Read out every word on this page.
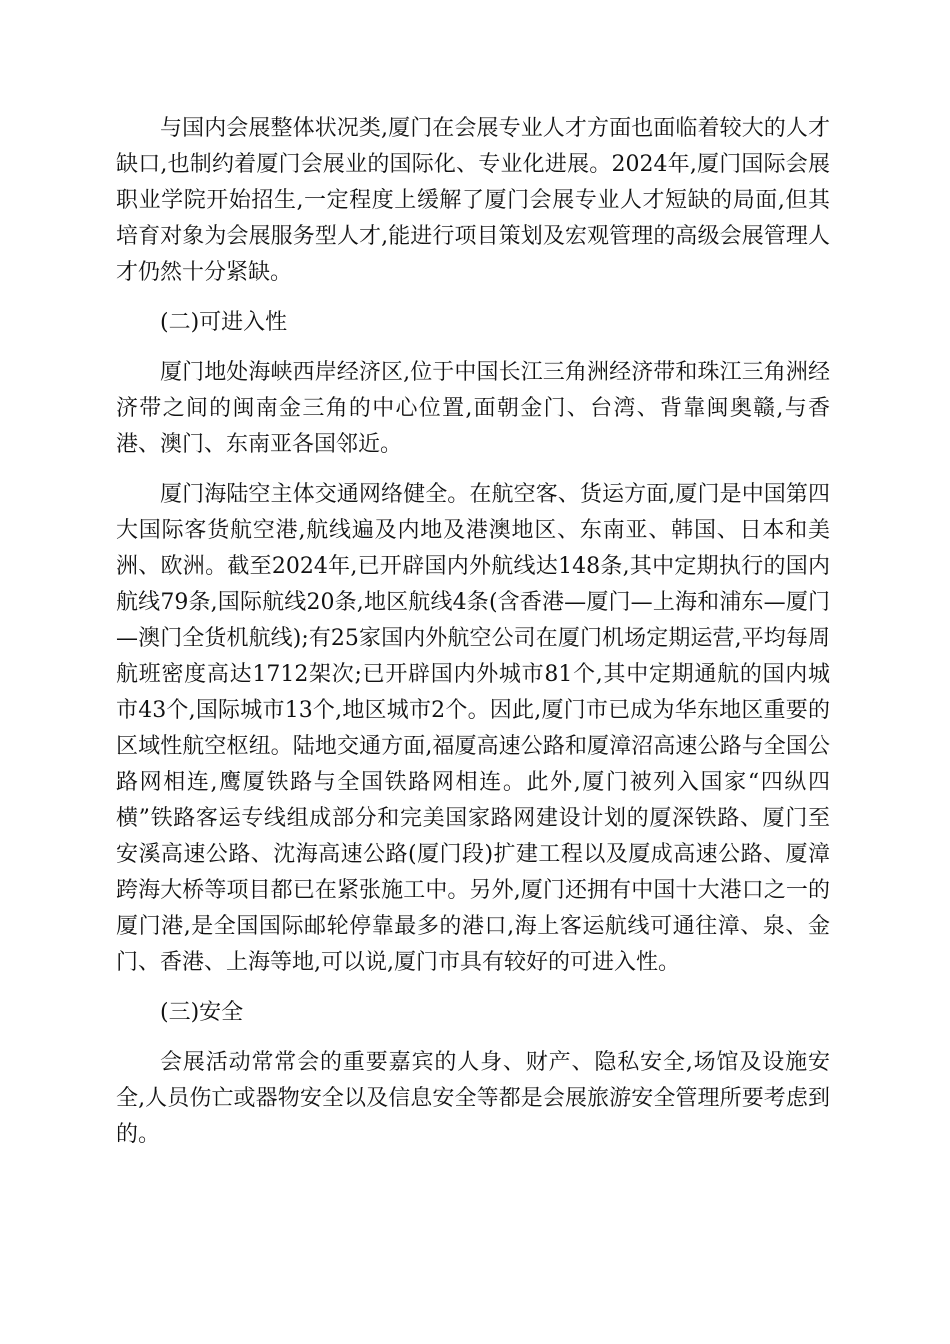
与国内会展整体状况类,厦门在会展专业人才方面也面临着较大的人才缺口,也制约着厦门会展业的国际化、专业化进展。2024年,厦门国际会展职业学院开始招生,一定程度上缓解了厦门会展专业人才短缺的局面,但其培育对象为会展服务型人才,能进行项目策划及宏观管理的高级会展管理人才仍然十分紧缺。

(二)可进入性

厦门地处海峡西岸经济区,位于中国长江三角洲经济带和珠江三角洲经济带之间的闽南金三角的中心位置,面朝金门、台湾、背靠闽奥赣,与香港、澳门、东南亚各国邻近。

厦门海陆空主体交通网络健全。在航空客、货运方面,厦门是中国第四大国际客货航空港,航线遍及内地及港澳地区、东南亚、韩国、日本和美洲、欧洲。截至2024年,已开辟国内外航线达148条,其中定期执行的国内航线79条,国际航线20条,地区航线4条(含香港—厦门—上海和浦东—厦门—澳门全货机航线);有25家国内外航空公司在厦门机场定期运营,平均每周航班密度高达1712架次;已开辟国内外城市81个,其中定期通航的国内城市43个,国际城市13个,地区城市2个。因此,厦门市已成为华东地区重要的区域性航空枢纽。陆地交通方面,福厦高速公路和厦漳沼高速公路与全国公路网相连,鹰厦铁路与全国铁路网相连。此外,厦门被列入国家“四纵四横”铁路客运专线组成部分和完美国家路网建设计划的厦深铁路、厦门至安溪高速公路、沈海高速公路(厦门段)扩建工程以及厦成高速公路、厦漳跨海大桥等项目都已在紧张施工中。另外,厦门还拥有中国十大港口之一的厦门港,是全国国际邮轮停靠最多的港口,海上客运航线可通往漳、泉、金门、香港、上海等地,可以说,厦门市具有较好的可进入性。

(三)安全

会展活动常常会的重要嘉宾的人身、财产、隐私安全,场馆及设施安全,人员伤亡或器物安全以及信息安全等都是会展旅游安全管理所要考虑到的。
